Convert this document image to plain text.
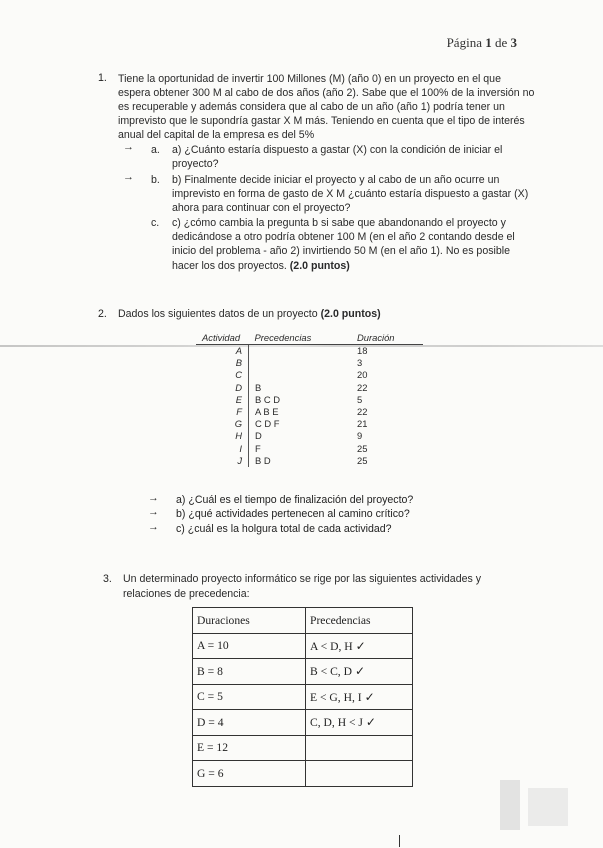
Página 1 de 3
1. Tiene la oportunidad de invertir 100 Millones (M) (año 0) en un proyecto en el que
espera obtener 300 M al cabo de dos años (año 2). Sabe que el 100% de la inversión no
es recuperable y además considera que al cabo de un año (año 1) podría tener un
imprevisto que le supondría gastar X M más. Teniendo en cuenta que el tipo de interés
anual del capital de la empresa es del 5%
→ a. a) ¿Cuánto estaría dispuesto a gastar (X) con la condición de iniciar el
proyecto?
→ b. b) Finalmente decide iniciar el proyecto y al cabo de un año ocurre un
imprevisto en forma de gasto de X M ¿cuánto estaría dispuesto a gastar (X)
ahora para continuar con el proyecto?
c. c) ¿cómo cambia la pregunta b si sabe que abandonando el proyecto y
dedicándose a otro podría obtener 100 M (en el año 2 contando desde el
inicio del problema - año 2) invirtiendo 50 M (en el año 1). No es posible
hacer los dos proyectos. (2.0 puntos)
2. Dados los siguientes datos de un proyecto (2.0 puntos)
Actividad	Precedencias	Duración
A		18
B		3
C		20
D	B	22
E	B C D	5
F	A B E	22
G	C D F	21
H	D	9
I	F	25
J	B D	25
→ a) ¿Cuál es el tiempo de finalización del proyecto?
→ b) ¿qué actividades pertenecen al camino crítico?
→ c) ¿cuál es la holgura total de cada actividad?
3. Un determinado proyecto informático se rige por las siguientes actividades y
relaciones de precedencia:
Duraciones	Precedencias
A = 10	A < D, H ✓
B = 8	B < C, D ✓
C = 5	E < G, H, I ✓
D = 4	C, D, H < J ✓
E = 12	
G = 6	
